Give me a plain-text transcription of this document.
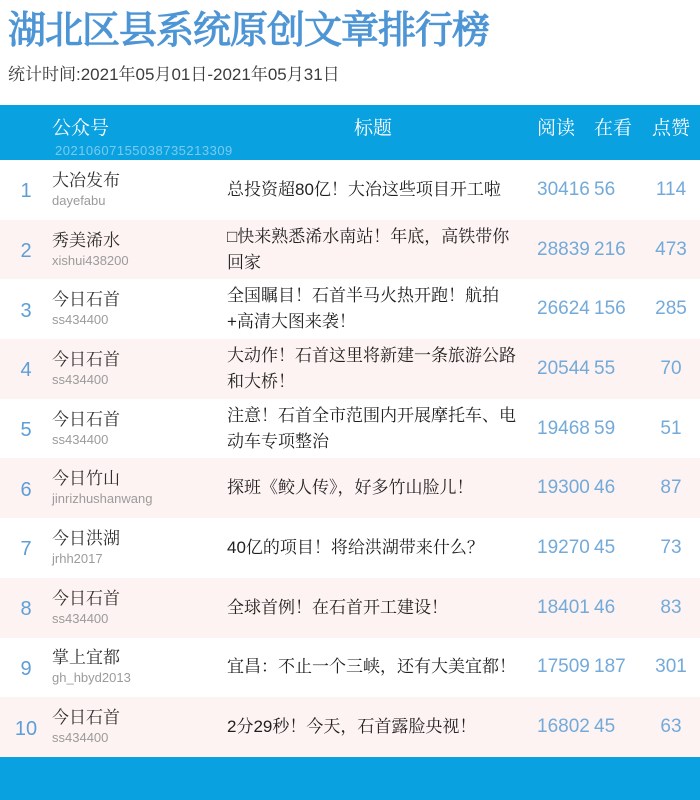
湖北区县系统原创文章排行榜
统计时间:2021年05月01日-2021年05月31日
公众号	标题	阅读 在看	点赞
20210607155038735213309
1	大冶发布
dayefabu
总投资超80亿！大冶这些项目开工啦	30416 56	114
2	秀美浠水
xishui438200
□快来熟悉浠水南站！年底，高铁带你回家
28839 216	473
3	今日石首
ss434400
全国瞩目！石首半马火热开跑！航拍+高清大图来袭！
26624 156	285
4	今日石首
ss434400
大动作！石首这里将新建一条旅游公路和大桥！
20544 55	70
5	今日石首
ss434400
注意！石首全市范围内开展摩托车、电动车专项整治
19468 59	51
6	今日竹山
jinrizhushanwang
探班《鲛人传》，好多竹山脸儿！	19300 46	87
7	今日洪湖
jrhh2017
40亿的项目！将给洪湖带来什么？	19270 45	73
8	今日石首
ss434400
全球首例！在石首开工建设！	18401 46	83
9	掌上宜都
gh_hbyd2013
宜昌：不止一个三峡，还有大美宜都！	17509 187	301
10 今日石首
ss434400
2分29秒！今天，石首露脸央视！	16802 45	63
